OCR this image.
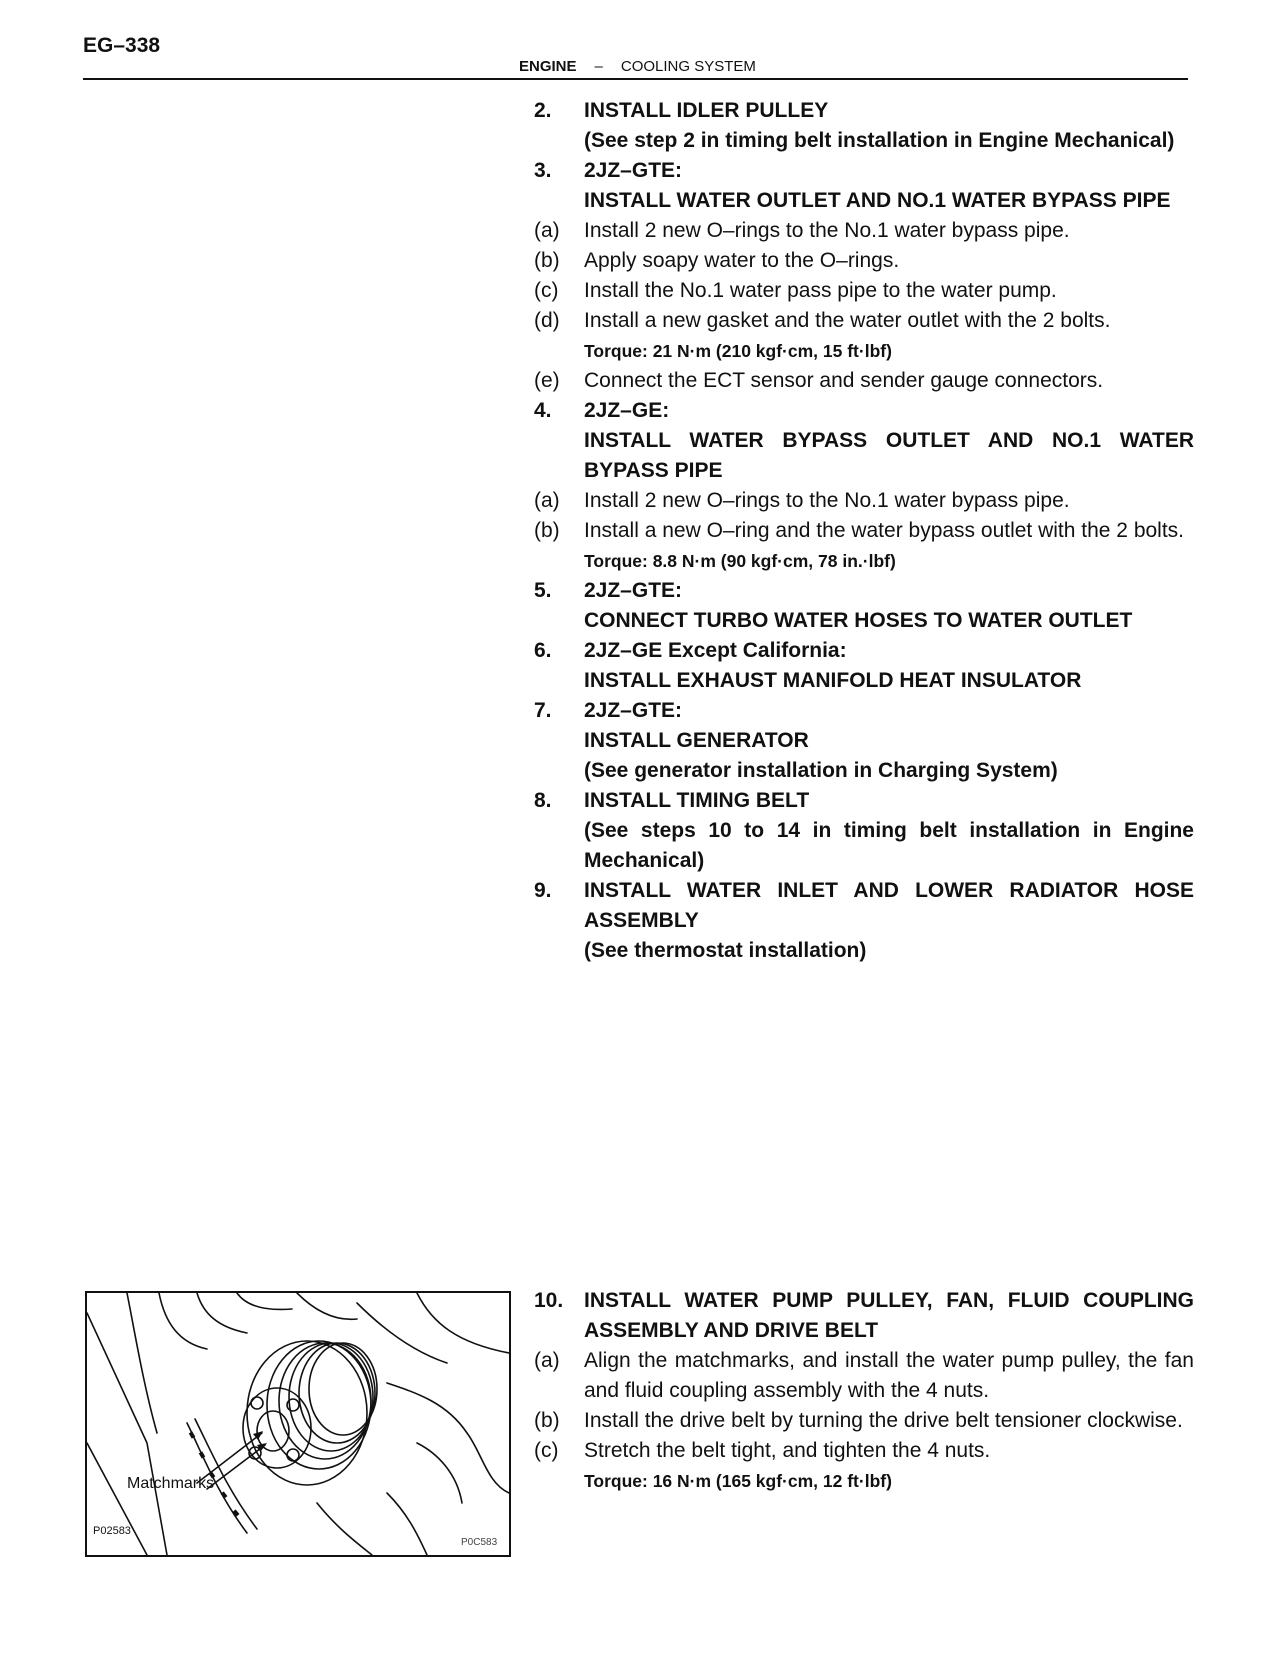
EG–338
ENGINE – COOLING SYSTEM
2.	INSTALL IDLER PULLEY
(See step 2 in timing belt installation in Engine Mechanical)
3.	2JZ–GTE:
INSTALL WATER OUTLET AND NO.1 WATER BYPASS PIPE
(a)	Install 2 new O–rings to the No.1 water bypass pipe.
(b)	Apply soapy water to the O–rings.
(c)	Install the No.1 water pass pipe to the water pump.
(d)	Install a new gasket and the water outlet with the 2 bolts.
Torque: 21 N·m (210 kgf·cm, 15 ft·lbf)
(e)	Connect the ECT sensor and sender gauge connectors.
4.	2JZ–GE:
INSTALL WATER BYPASS OUTLET AND NO.1 WATER BYPASS PIPE
(a)	Install 2 new O–rings to the No.1 water bypass pipe.
(b)	Install a new O–ring and the water bypass outlet with the 2 bolts.
Torque: 8.8 N·m (90 kgf·cm, 78 in.·lbf)
5.	2JZ–GTE:
CONNECT TURBO WATER HOSES TO WATER OUTLET
6.	2JZ–GE Except California:
INSTALL EXHAUST MANIFOLD HEAT INSULATOR
7.	2JZ–GTE:
INSTALL GENERATOR
(See generator installation in Charging System)
8.	INSTALL TIMING BELT
(See steps 10 to 14 in timing belt installation in Engine Mechanical)
9.	INSTALL WATER INLET AND LOWER RADIATOR HOSE ASSEMBLY
(See thermostat installation)
Matchmarks
P02583
P0C583
10. INSTALL WATER PUMP PULLEY, FAN, FLUID COUPLING ASSEMBLY AND DRIVE BELT
(a)	Align the matchmarks, and install the water pump pulley, the fan and fluid coupling assembly with the 4 nuts.
(b)	Install the drive belt by turning the drive belt tensioner clockwise.
(c)	Stretch the belt tight, and tighten the 4 nuts.
Torque: 16 N·m (165 kgf·cm, 12 ft·lbf)
